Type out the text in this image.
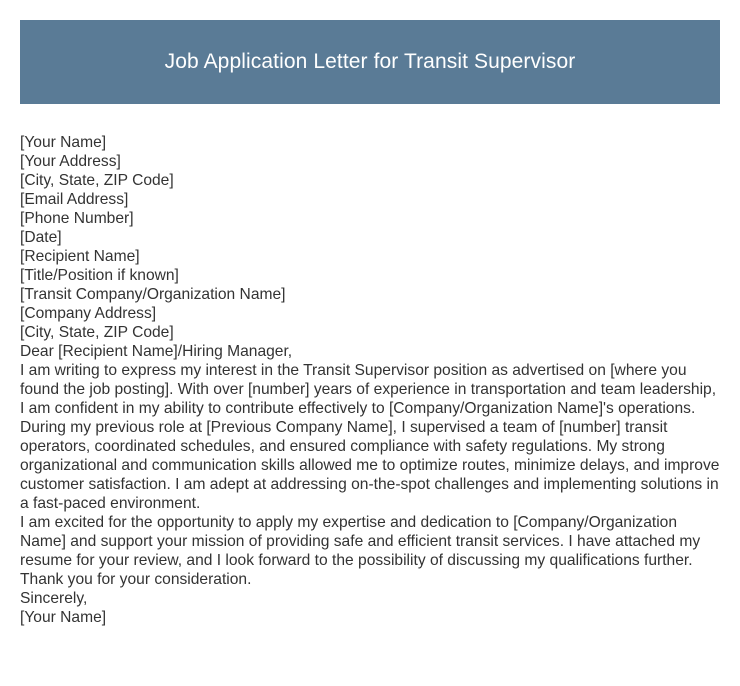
Job Application Letter for Transit Supervisor

[Your Name]

[Your Address]

[City, State, ZIP Code]

[Email Address]

[Phone Number]

[Date]

[Recipient Name]

[Title/Position if known]

[Transit Company/Organization Name]

[Company Address]

[City, State, ZIP Code]

Dear [Recipient Name]/Hiring Manager,

I am writing to express my interest in the Transit Supervisor position as advertised on [where you found the job posting]. With over [number] years of experience in transportation and team leadership, I am confident in my ability to contribute effectively to [Company/Organization Name]'s operations.

During my previous role at [Previous Company Name], I supervised a team of [number] transit operators, coordinated schedules, and ensured compliance with safety regulations. My strong organizational and communication skills allowed me to optimize routes, minimize delays, and improve customer satisfaction. I am adept at addressing on-the-spot challenges and implementing solutions in a fast-paced environment.

I am excited for the opportunity to apply my expertise and dedication to [Company/Organization Name] and support your mission of providing safe and efficient transit services. I have attached my resume for your review, and I look forward to the possibility of discussing my qualifications further.

Thank you for your consideration.

Sincerely,

[Your Name]
